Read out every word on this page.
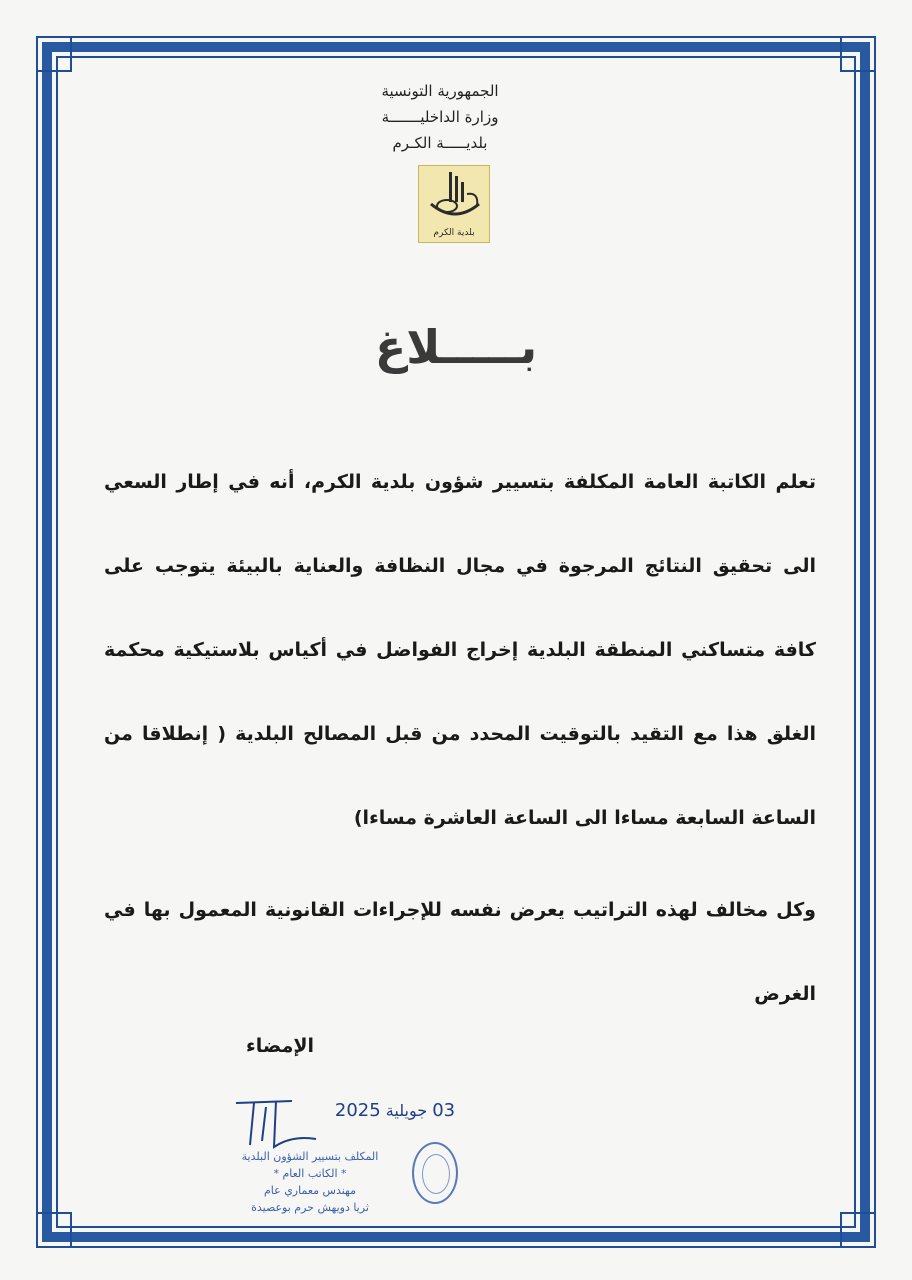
الجمهورية التونسية
وزارة الداخليـــــــة
بلديـــــة الكـرم
بلدية الكرم
بـــــلاغ

تعلم الكاتبة العامة المكلفة بتسيير شؤون بلدية الكرم، أنه في إطار السعي الى تحقيق النتائج المرجوة في مجال النظافة والعناية بالبيئة يتوجب على كافة متساكني المنطقة البلدية إخراج الفواضل في أكياس بلاستيكية محكمة الغلق هذا مع التقيد بالتوقيت المحدد من قبل المصالح البلدية ( إنطلاقا من الساعة السابعة مساءا الى الساعة العاشرة مساءا)

وكل مخالف لهذه التراتيب يعرض نفسه للإجراءات القانونية المعمول بها في الغرض

الإمضاء
03 جويلية 2025
المكلف بتسيير الشؤون البلدية
* الكاتب العام *
مهندس معماري عام
ثريا دويهش حرم بوعصيدة
